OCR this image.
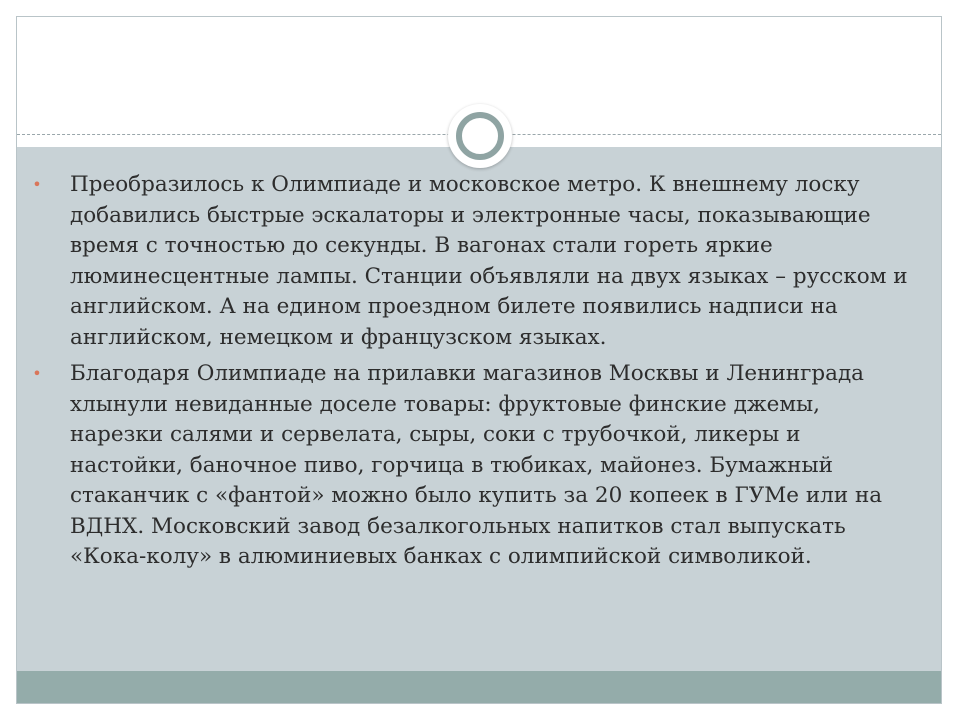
• Преобразилось к Олимпиаде и московское метро. К внешнему лоску добавились быстрые эскалаторы и электронные часы, показывающие время с точностью до секунды. В вагонах стали гореть яркие люминесцентные лампы. Станции объявляли на двух языках – русском и английском. А на едином проездном билете появились надписи на английском, немецком и французском языках.
• Благодаря Олимпиаде на прилавки магазинов Москвы и Ленинграда хлынули невиданные доселе товары: фруктовые финские джемы, нарезки салями и сервелата, сыры, соки с трубочкой, ликеры и настойки, баночное пиво, горчица в тюбиках, майонез. Бумажный стаканчик с «фантой» можно было купить за 20 копеек в ГУМе или на ВДНХ. Московский завод безалкогольных напитков стал выпускать «Кока-колу» в алюминиевых банках с олимпийской символикой.
